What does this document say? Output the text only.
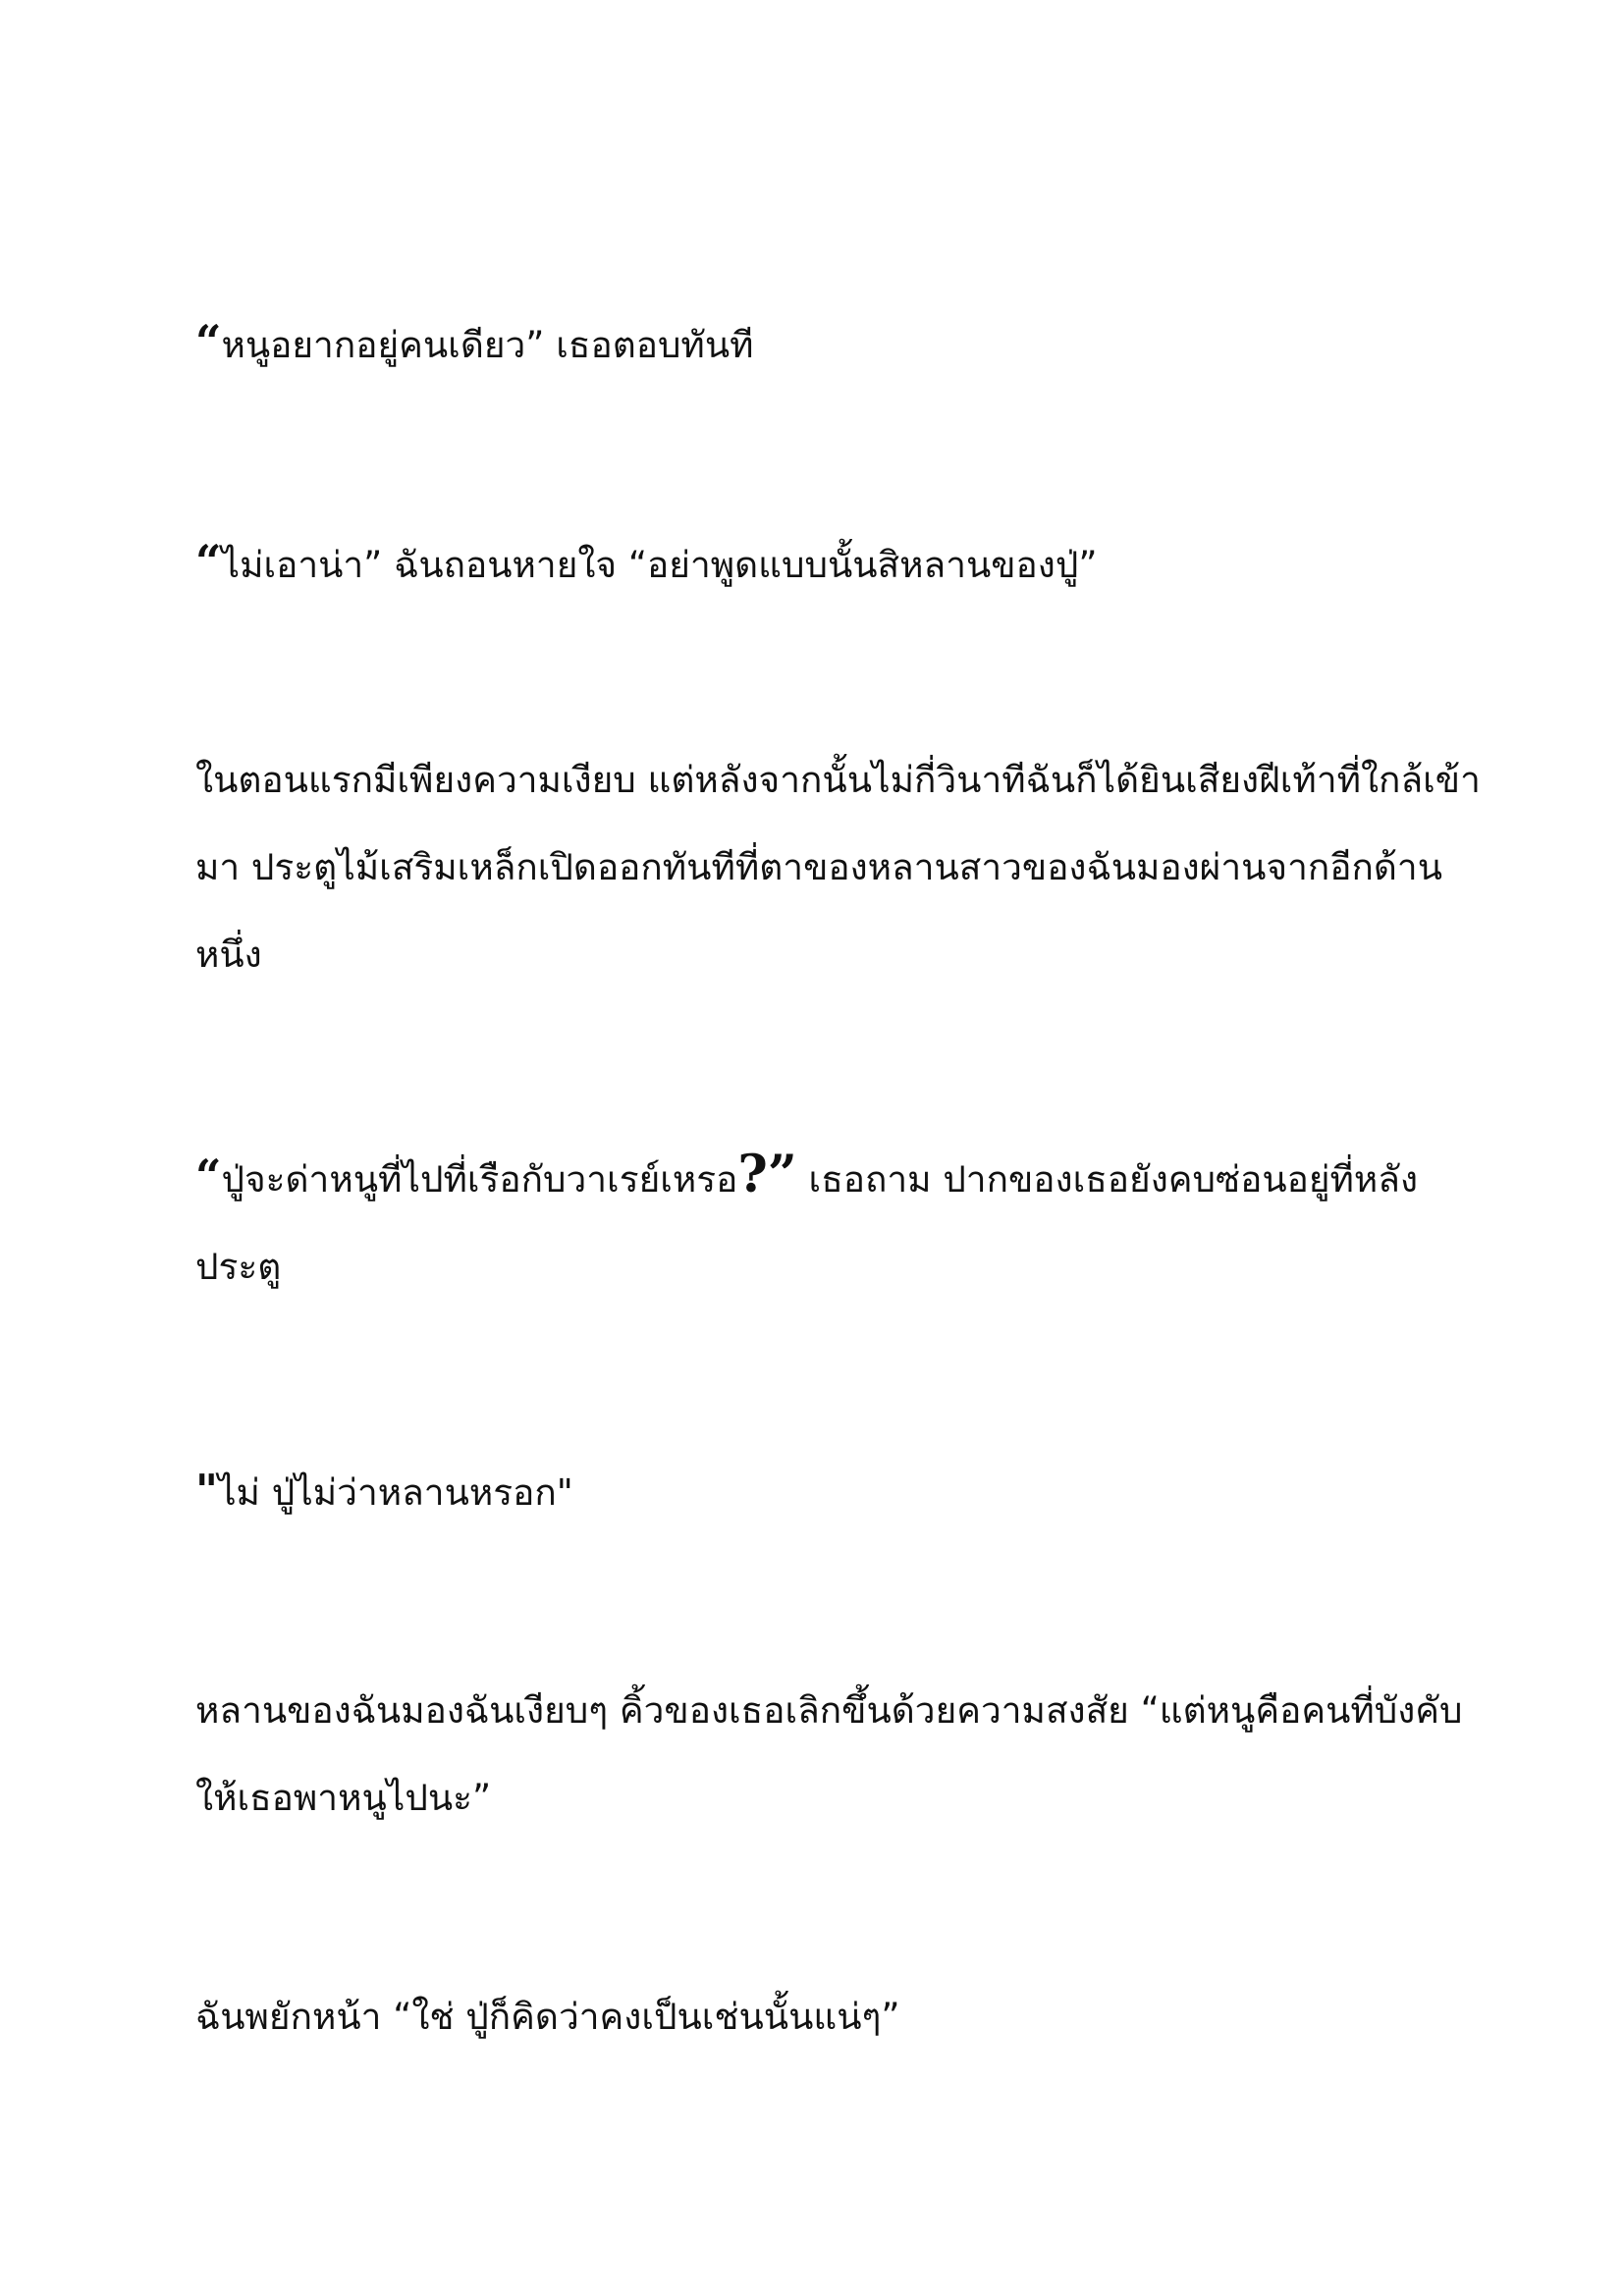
“หนูอยากอยู่คนเดียว” เธอตอบทันที

“ไม่เอาน่า” ฉันถอนหายใจ “อย่าพูดแบบนั้นสิหลานของปู่”

ในตอนแรกมีเพียงความเงียบ แต่หลังจากนั้นไม่กี่วินาทีฉันก็ได้ยินเสียงฝีเท้าที่ใกล้เข้า
มา ประตูไม้เสริมเหล็กเปิดออกทันทีที่ตาของหลานสาวของฉันมองผ่านจากอีกด้าน
หนึ่ง

“ปู่จะด่าหนูที่ไปที่เรือกับวาเรย์เหรอ?” เธอถาม ปากของเธอยังคบซ่อนอยู่ที่หลัง
ประตู

"ไม่ ปู่ไม่ว่าหลานหรอก"

หลานของฉันมองฉันเงียบๆ คิ้วของเธอเลิกขึ้นด้วยความสงสัย “แต่หนูคือคนที่บังคับ
ให้เธอพาหนูไปนะ”

ฉันพยักหน้า “ใช่ ปู่ก็คิดว่าคงเป็นเช่นนั้นแน่ๆ”
